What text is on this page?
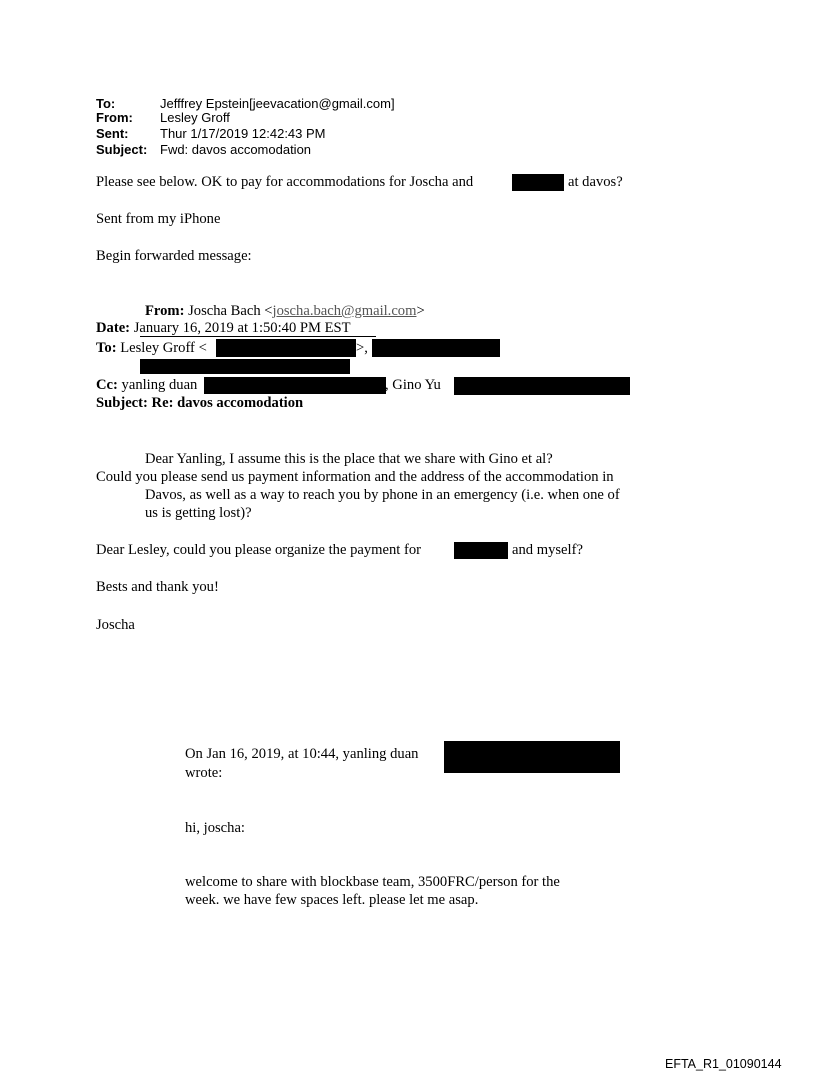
To:	Jefffrey Epstein[jeevacation@gmail.com]
From: Lesley Groff
Sent: Thur 1/17/2019 12:42:43 PM
Subject: Fwd: davos accomodation
Please see below. OK to pay for accommodations for Joscha and	at davos?
Sent from my iPhone
Begin forwarded message:
From: Joscha Bach <joscha.bach@gmail.com>
Date: January 16, 2019 at 1:50:40 PM EST
To: Lesley Groff <	>,
Cc: yanling duan	, Gino Yu
Subject: Re: davos accomodation
Dear Yanling, I assume this is the place that we share with Gino et al?
Could you please send us payment information and the address of the accommodation in
Davos, as well as a way to reach you by phone in an emergency (i.e. when one of
us is getting lost)?
Dear Lesley, could you please organize the payment for	and myself?
Bests and thank you!
Joscha
On Jan 16, 2019, at 10:44, yanling duan
wrote:
hi, joscha:
welcome to share with blockbase team, 3500FRC/person for the
week. we have few spaces left. please let me asap.
EFTA_R1_01090144
